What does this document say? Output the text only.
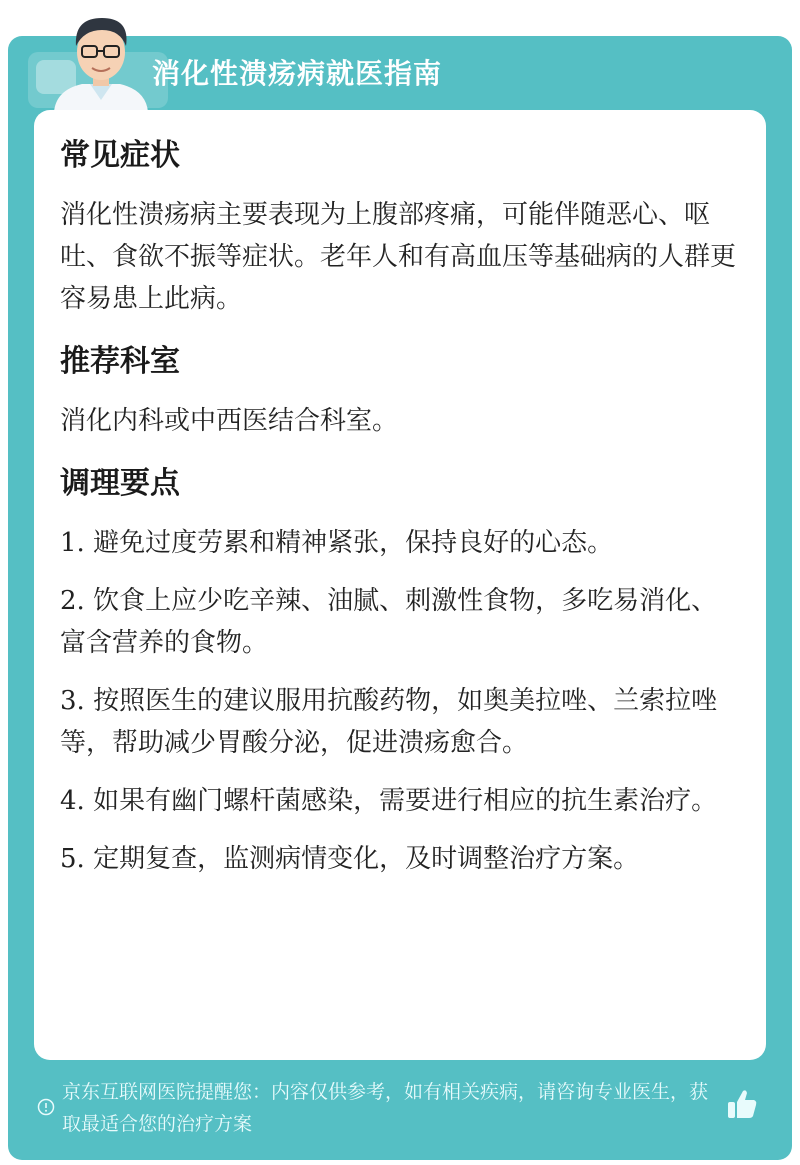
消化性溃疡病就医指南
常见症状

消化性溃疡病主要表现为上腹部疼痛，可能伴随恶心、呕吐、食欲不振等症状。老年人和有高血压等基础病的人群更容易患上此病。

推荐科室

消化内科或中西医结合科室。

调理要点
1. 避免过度劳累和精神紧张，保持良好的心态。
2. 饮食上应少吃辛辣、油腻、刺激性食物，多吃易消化、富含营养的食物。
3. 按照医生的建议服用抗酸药物，如奥美拉唑、兰索拉唑等，帮助减少胃酸分泌，促进溃疡愈合。
4. 如果有幽门螺杆菌感染，需要进行相应的抗生素治疗。
5. 定期复查，监测病情变化，及时调整治疗方案。
京东互联网医院提醒您：内容仅供参考，如有相关疾病，请咨询专业医生，获取最适合您的治疗方案
